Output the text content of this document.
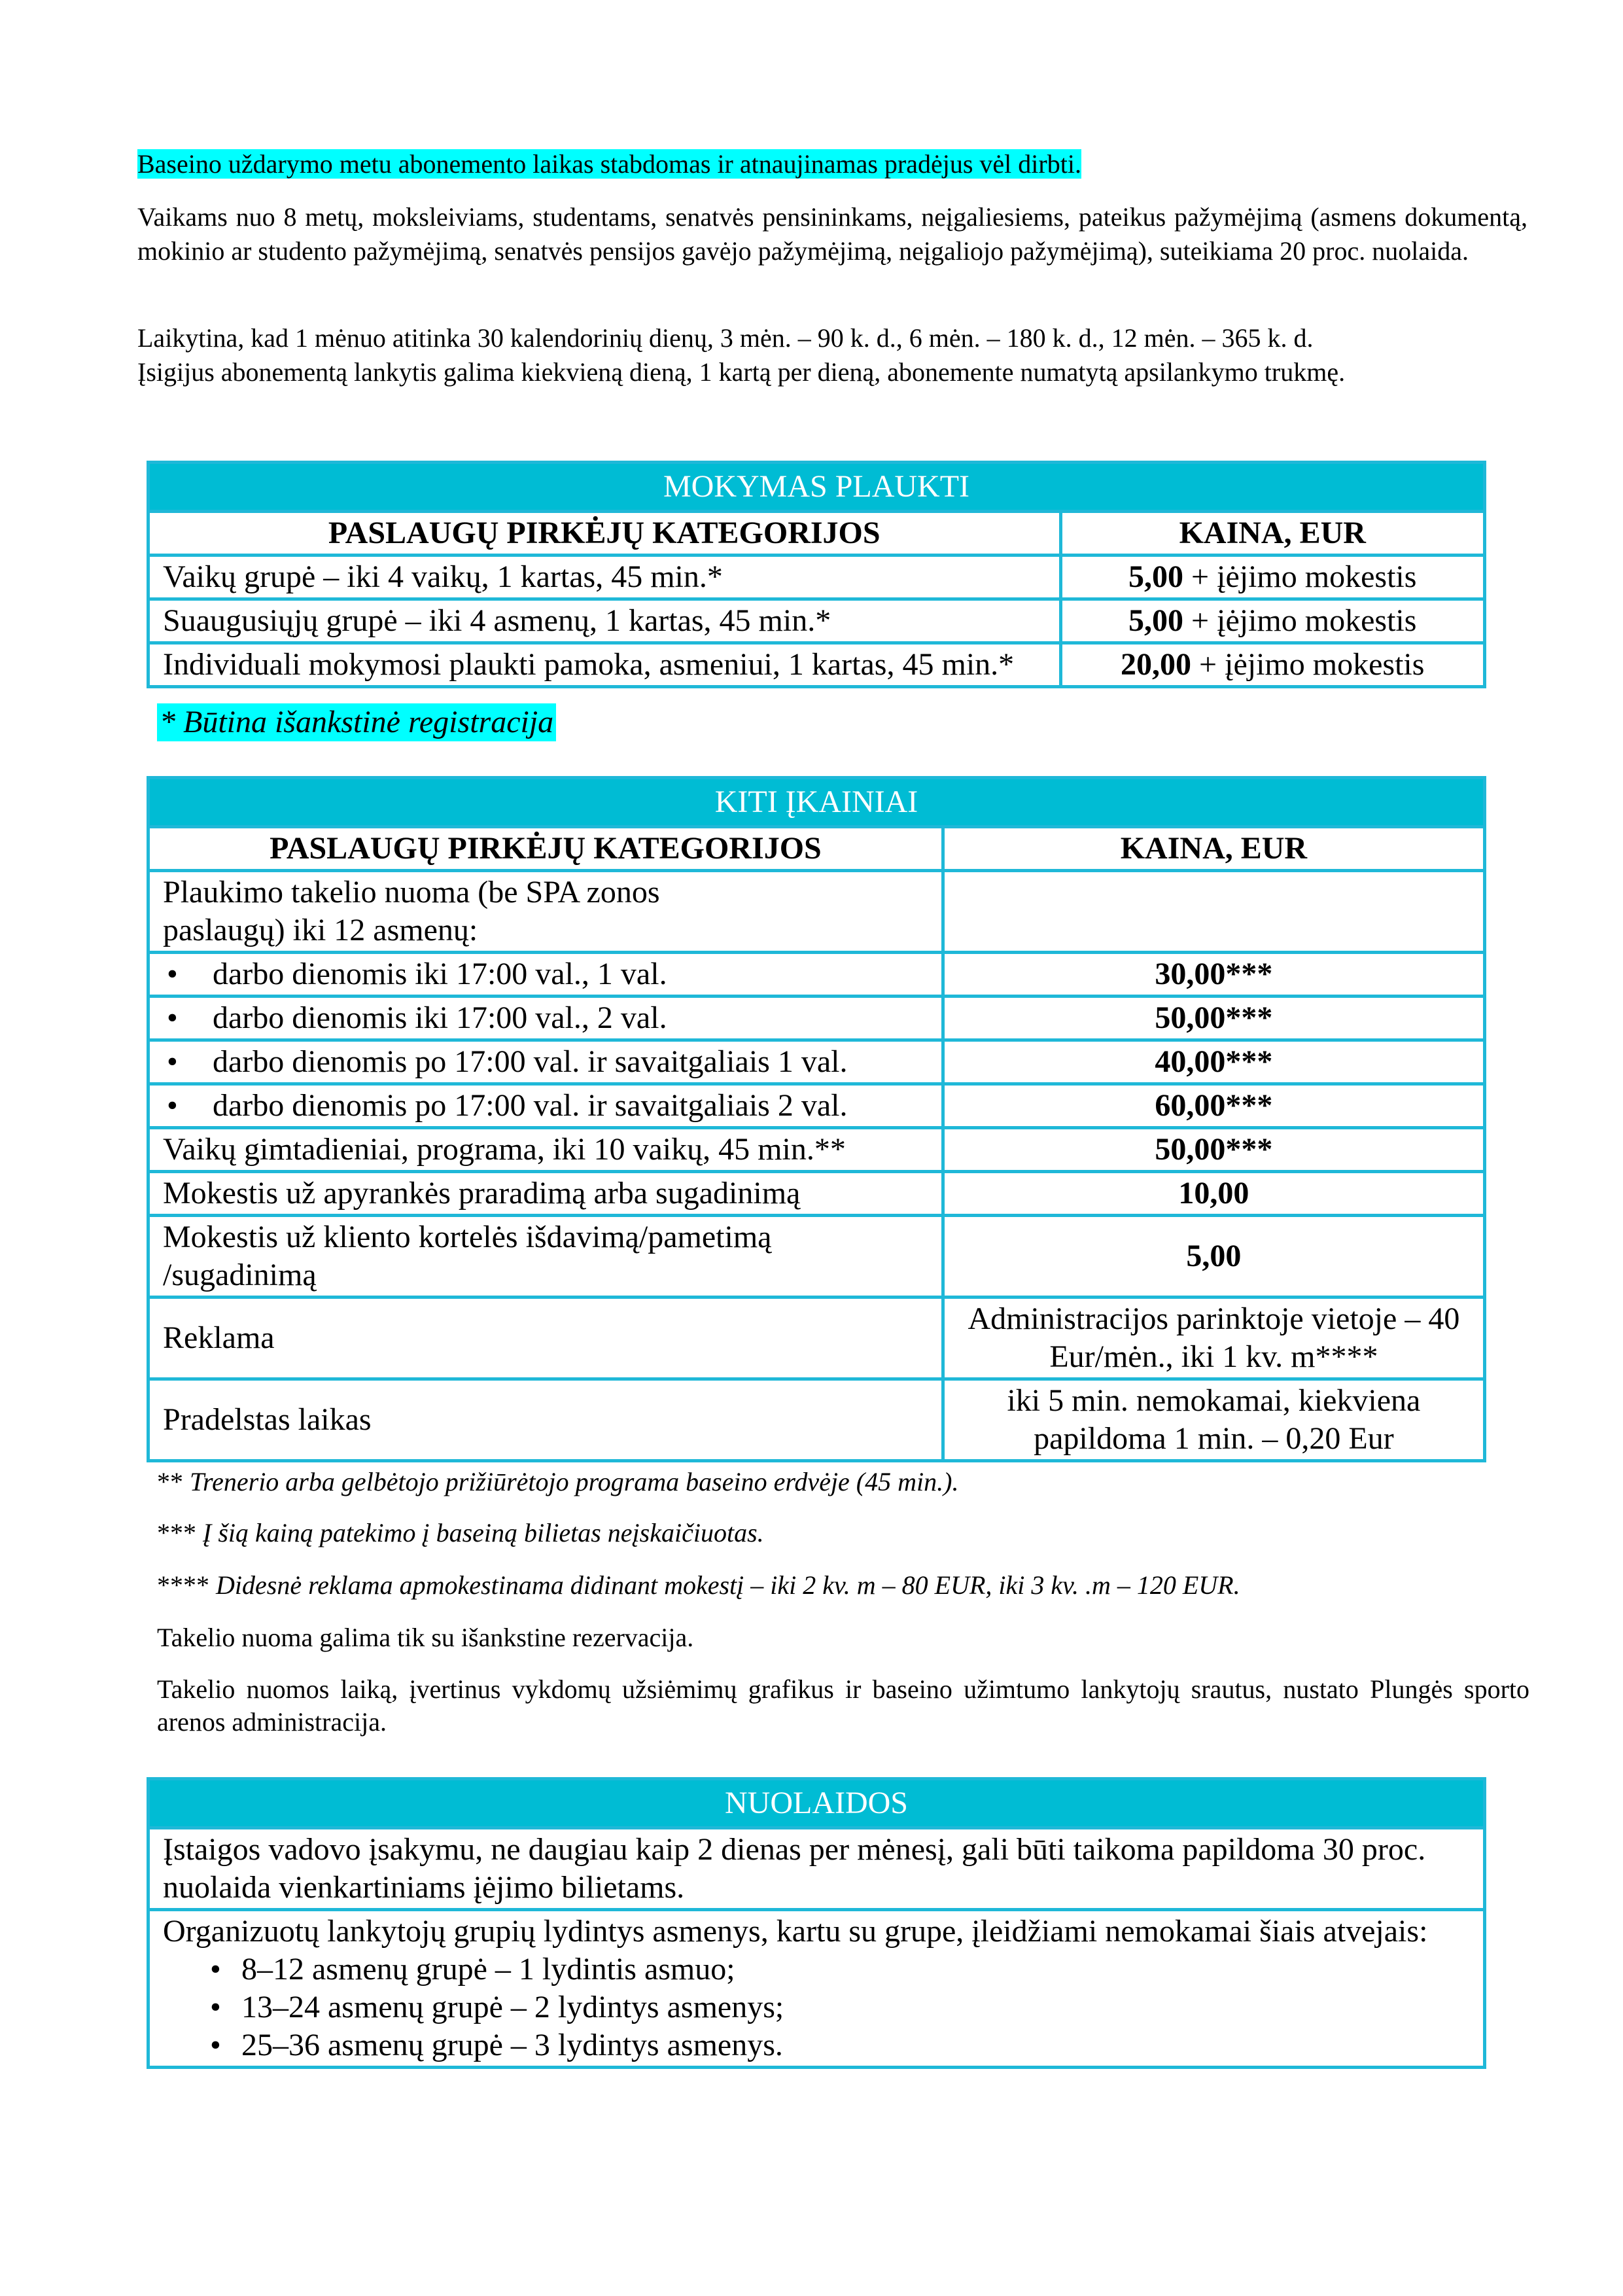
Baseino uždarymo metu abonemento laikas stabdomas ir atnaujinamas pradėjus vėl dirbti.

Vaikams nuo 8 metų, moksleiviams, studentams, senatvės pensininkams, neįgaliesiems, pateikus pažymėjimą (asmens dokumentą, mokinio ar studento pažymėjimą, senatvės pensijos gavėjo pažymėjimą, neįgaliojo pažymėjimą), suteikiama 20 proc. nuolaida.

Laikytina, kad 1 mėnuo atitinka 30 kalendorinių dienų, 3 mėn. – 90 k. d., 6 mėn. – 180 k. d., 12 mėn. – 365 k. d.

Įsigijus abonementą lankytis galima kiekvieną dieną, 1 kartą per dieną, abonemente numatytą apsilankymo trukmę.

MOKYMAS PLAUKTI	
PASLAUGŲ PIRKĖJŲ KATEGORIJOS	KAINA, EUR
Vaikų grupė – iki 4 vaikų, 1 kartas, 45 min.*	5,00 + įėjimo mokestis
Suaugusiųjų grupė – iki 4 asmenų, 1 kartas, 45 min.*	5,00 + įėjimo mokestis
Individuali mokymosi plaukti pamoka, asmeniui, 1 kartas, 45 min.*	20,00 + įėjimo mokestis
* Būtina išankstinė registracija
KITI ĮKAINIAI	
PASLAUGŲ PIRKĖJŲ KATEGORIJOS	KAINA, EUR

Plaukimo takelio nuoma (be SPA zonos paslaugų) iki 12 asmenų:	

• darbo dienomis iki 17:00 val., 1 val.	30,00***
• darbo dienomis iki 17:00 val., 2 val.	50,00***
• darbo dienomis po 17:00 val. ir savaitgaliais 1 val.	40,00***
• darbo dienomis po 17:00 val. ir savaitgaliais 2 val.	60,00***
Vaikų gimtadieniai, programa, iki 10 vaikų, 45 min.**	50,00***
Mokestis už apyrankės praradimą arba sugadinimą	10,00

Mokestis už kliento kortelės išdavimą/pametimą /sugadinimą	5,00
Reklama	Administracijos parinktoje vietoje – 40 Eur/mėn., iki 1 kv. m****
Pradelstas laikas	iki 5 min. nemokamai, kiekviena papildoma 1 min. – 0,20 Eur

** Trenerio arba gelbėtojo prižiūrėtojo programa baseino erdvėje (45 min.).

*** Į šią kainą patekimo į baseiną bilietas neįskaičiuotas.

**** Didesnė reklama apmokestinama didinant mokestį – iki 2 kv. m – 80 EUR, iki 3 kv. .m – 120 EUR.

Takelio nuoma galima tik su išankstine rezervacija.

Takelio nuomos laiką, įvertinus vykdomų užsiėmimų grafikus ir baseino užimtumo lankytojų srautus, nustato Plungės sporto arenos administracija.

NUOLAIDOS
Įstaigos vadovo įsakymu, ne daugiau kaip 2 dienas per mėnesį, gali būti taikoma papildoma 30 proc. nuolaida vienkartiniams įėjimo bilietams.

Organizuotų lankytojų grupių lydintys asmenys, kartu su grupe, įleidžiami nemokamai šiais atvejais:
• 8–12 asmenų grupė – 1 lydintis asmuo;
• 13–24 asmenų grupė – 2 lydintys asmenys;
• 25–36 asmenų grupė – 3 lydintys asmenys.
